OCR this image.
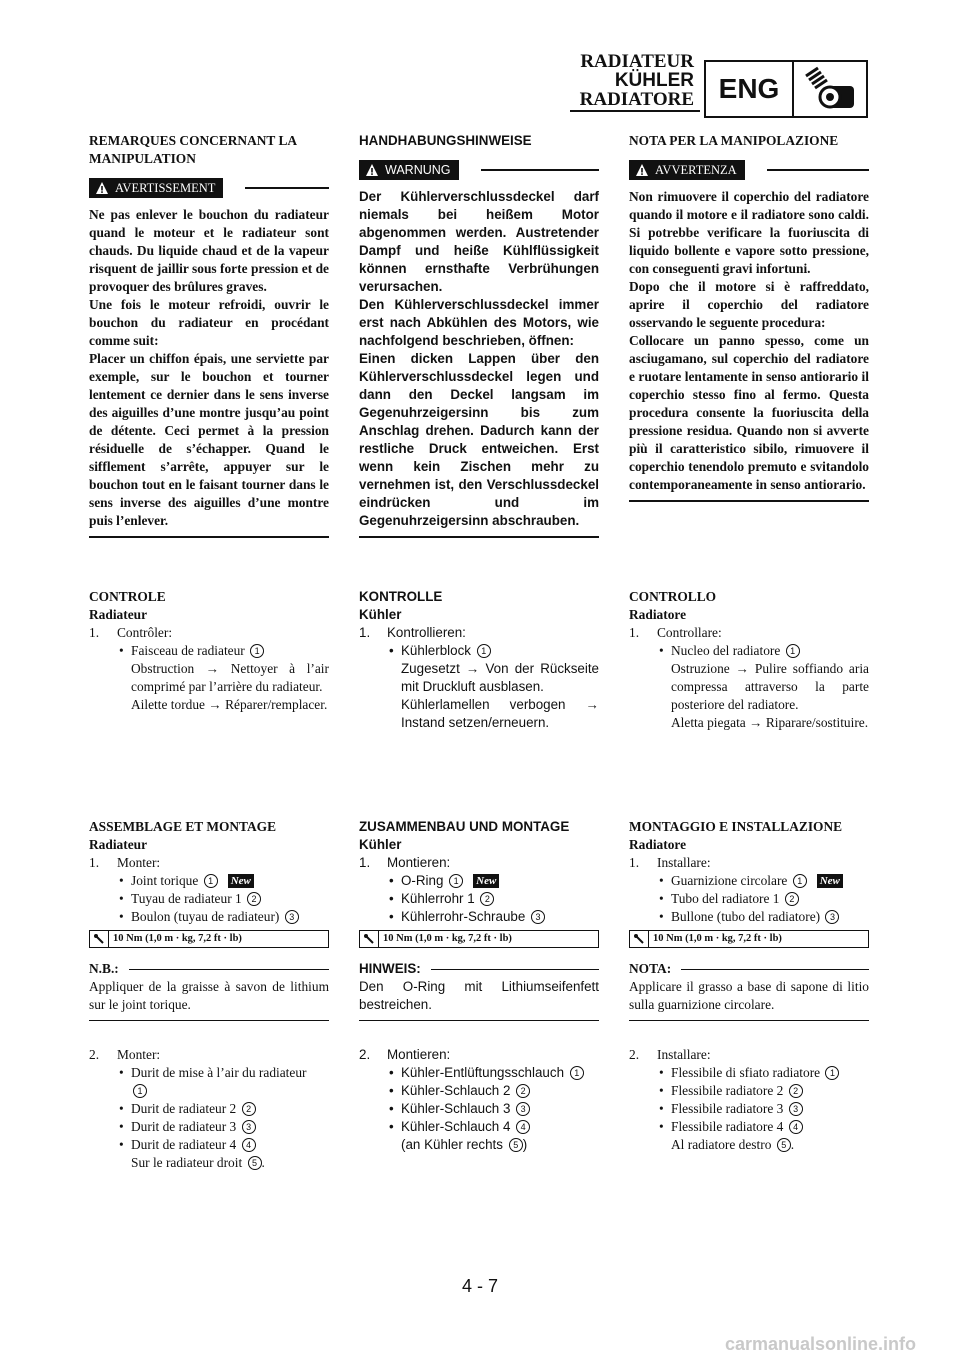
RADIATEUR
KÜHLER
RADIATORE ENG
REMARQUES CONCERNANT LA MANIPULATION
AVERTISSEMENT
Ne pas enlever le bouchon du radiateur quand le moteur et le radiateur sont chauds. Du liquide chaud et de la vapeur risquent de jaillir sous forte pression et de provoquer des brûlures graves.
Une fois le moteur refroidi, ouvrir le bouchon du radiateur en procédant comme suit:
Placer un chiffon épais, une serviette par exemple, sur le bouchon et tourner lentement ce dernier dans le sens inverse des aiguilles d’une montre jusqu’au point de détente. Ceci permet à la pression résiduelle de s’échapper. Quand le sifflement s’arrête, appuyer sur le bouchon tout en le faisant tourner dans le sens inverse des aiguilles d’une montre puis l’enlever.
CONTROLE
Radiateur
1.	Contrôler:
• Faisceau de radiateur 1
Obstruction → Nettoyer à l’air comprimé par l’arrière du radiateur.
Ailette tordue → Réparer/remplacer.
ASSEMBLAGE ET MONTAGE
Radiateur
1.	Monter:
• Joint torique 1 New
• Tuyau de radiateur 1 2
• Boulon (tuyau de radiateur) 3
10 Nm (1,0 m · kg, 7,2 ft · lb)
N.B.:
Appliquer de la graisse à savon de lithium sur le joint torique.
2.	Monter:
• Durit de mise à l’air du radiateur
1
• Durit de radiateur 2 2
• Durit de radiateur 3 3
• Durit de radiateur 4 4
Sur le radiateur droit 5 .
HANDHABUNGSHINWEISE
WARNUNG
Der Kühlerverschlussdeckel darf niemals bei heißem Motor abgenommen werden. Austretender Dampf und heiße Kühlflüssigkeit können ernsthafte Verbrühungen verursachen.
Den Kühlerverschlussdeckel immer erst nach Abkühlen des Motors, wie nachfolgend beschrieben, öffnen:
Einen dicken Lappen über den Kühlerverschlussdeckel legen und dann den Deckel langsam im Gegenuhrzeigersinn bis zum Anschlag drehen. Dadurch kann der restliche Druck entweichen. Erst wenn kein Zischen mehr zu vernehmen ist, den Verschlussdeckel eindrücken und im Gegenuhrzeigersinn abschrauben.
KONTROLLE
Kühler
1.	Kontrollieren:
• Kühlerblock 1
Zugesetzt → Von der Rückseite mit Druckluft ausblasen.
Kühlerlamellen verbogen → Instand setzen/erneuern.
ZUSAMMENBAU UND MONTAGE
Kühler
1.	Montieren:
• O-Ring 1 New
• Kühlerrohr 1 2
• Kühlerrohr-Schraube 3
10 Nm (1,0 m · kg, 7,2 ft · lb)
HINWEIS:
Den O-Ring mit Lithiumseifenfett bestreichen.
2.	Montieren:
• Kühler-Entlüftungsschlauch 1
• Kühler-Schlauch 2 2
• Kühler-Schlauch 3 3
• Kühler-Schlauch 4 4
(an Kühler rechts 5 )
NOTA PER LA MANIPOLAZIONE
AVVERTENZA
Non rimuovere il coperchio del radiatore quando il motore e il radiatore sono caldi. Si potrebbe verificare la fuoriuscita di liquido bollente e vapore sotto pressione, con conseguenti gravi infortuni.
Dopo che il motore si è raffreddato, aprire il coperchio del radiatore osservando le seguente procedura:
Collocare un panno spesso, come un asciugamano, sul coperchio del radiatore e ruotare lentamente in senso antiorario il coperchio stesso fino al fermo. Questa procedura consente la fuoriuscita della pressione residua. Quando non si avverte più il caratteristico sibilo, rimuovere il coperchio tenendolo premuto e svitandolo contemporaneamente in senso antiorario.
CONTROLLO
Radiatore
1.	Controllare:
• Nucleo del radiatore 1
Ostruzione → Pulire soffiando aria compressa attraverso la parte posteriore del radiatore.
Aletta piegata → Riparare/sostituire.
MONTAGGIO E INSTALLAZIONE
Radiatore
1.	Installare:
• Guarnizione circolare 1 New
• Tubo del radiatore 1 2
• Bullone (tubo del radiatore) 3
10 Nm (1,0 m · kg, 7,2 ft · lb)
NOTA:
Applicare il grasso a base di sapone di litio sulla guarnizione circolare.
2.	Installare:
• Flessibile di sfiato radiatore 1
• Flessibile radiatore 2 2
• Flessibile radiatore 3 3
• Flessibile radiatore 4 4
Al radiatore destro 5 .
4 - 7
carmanualsonline.info
